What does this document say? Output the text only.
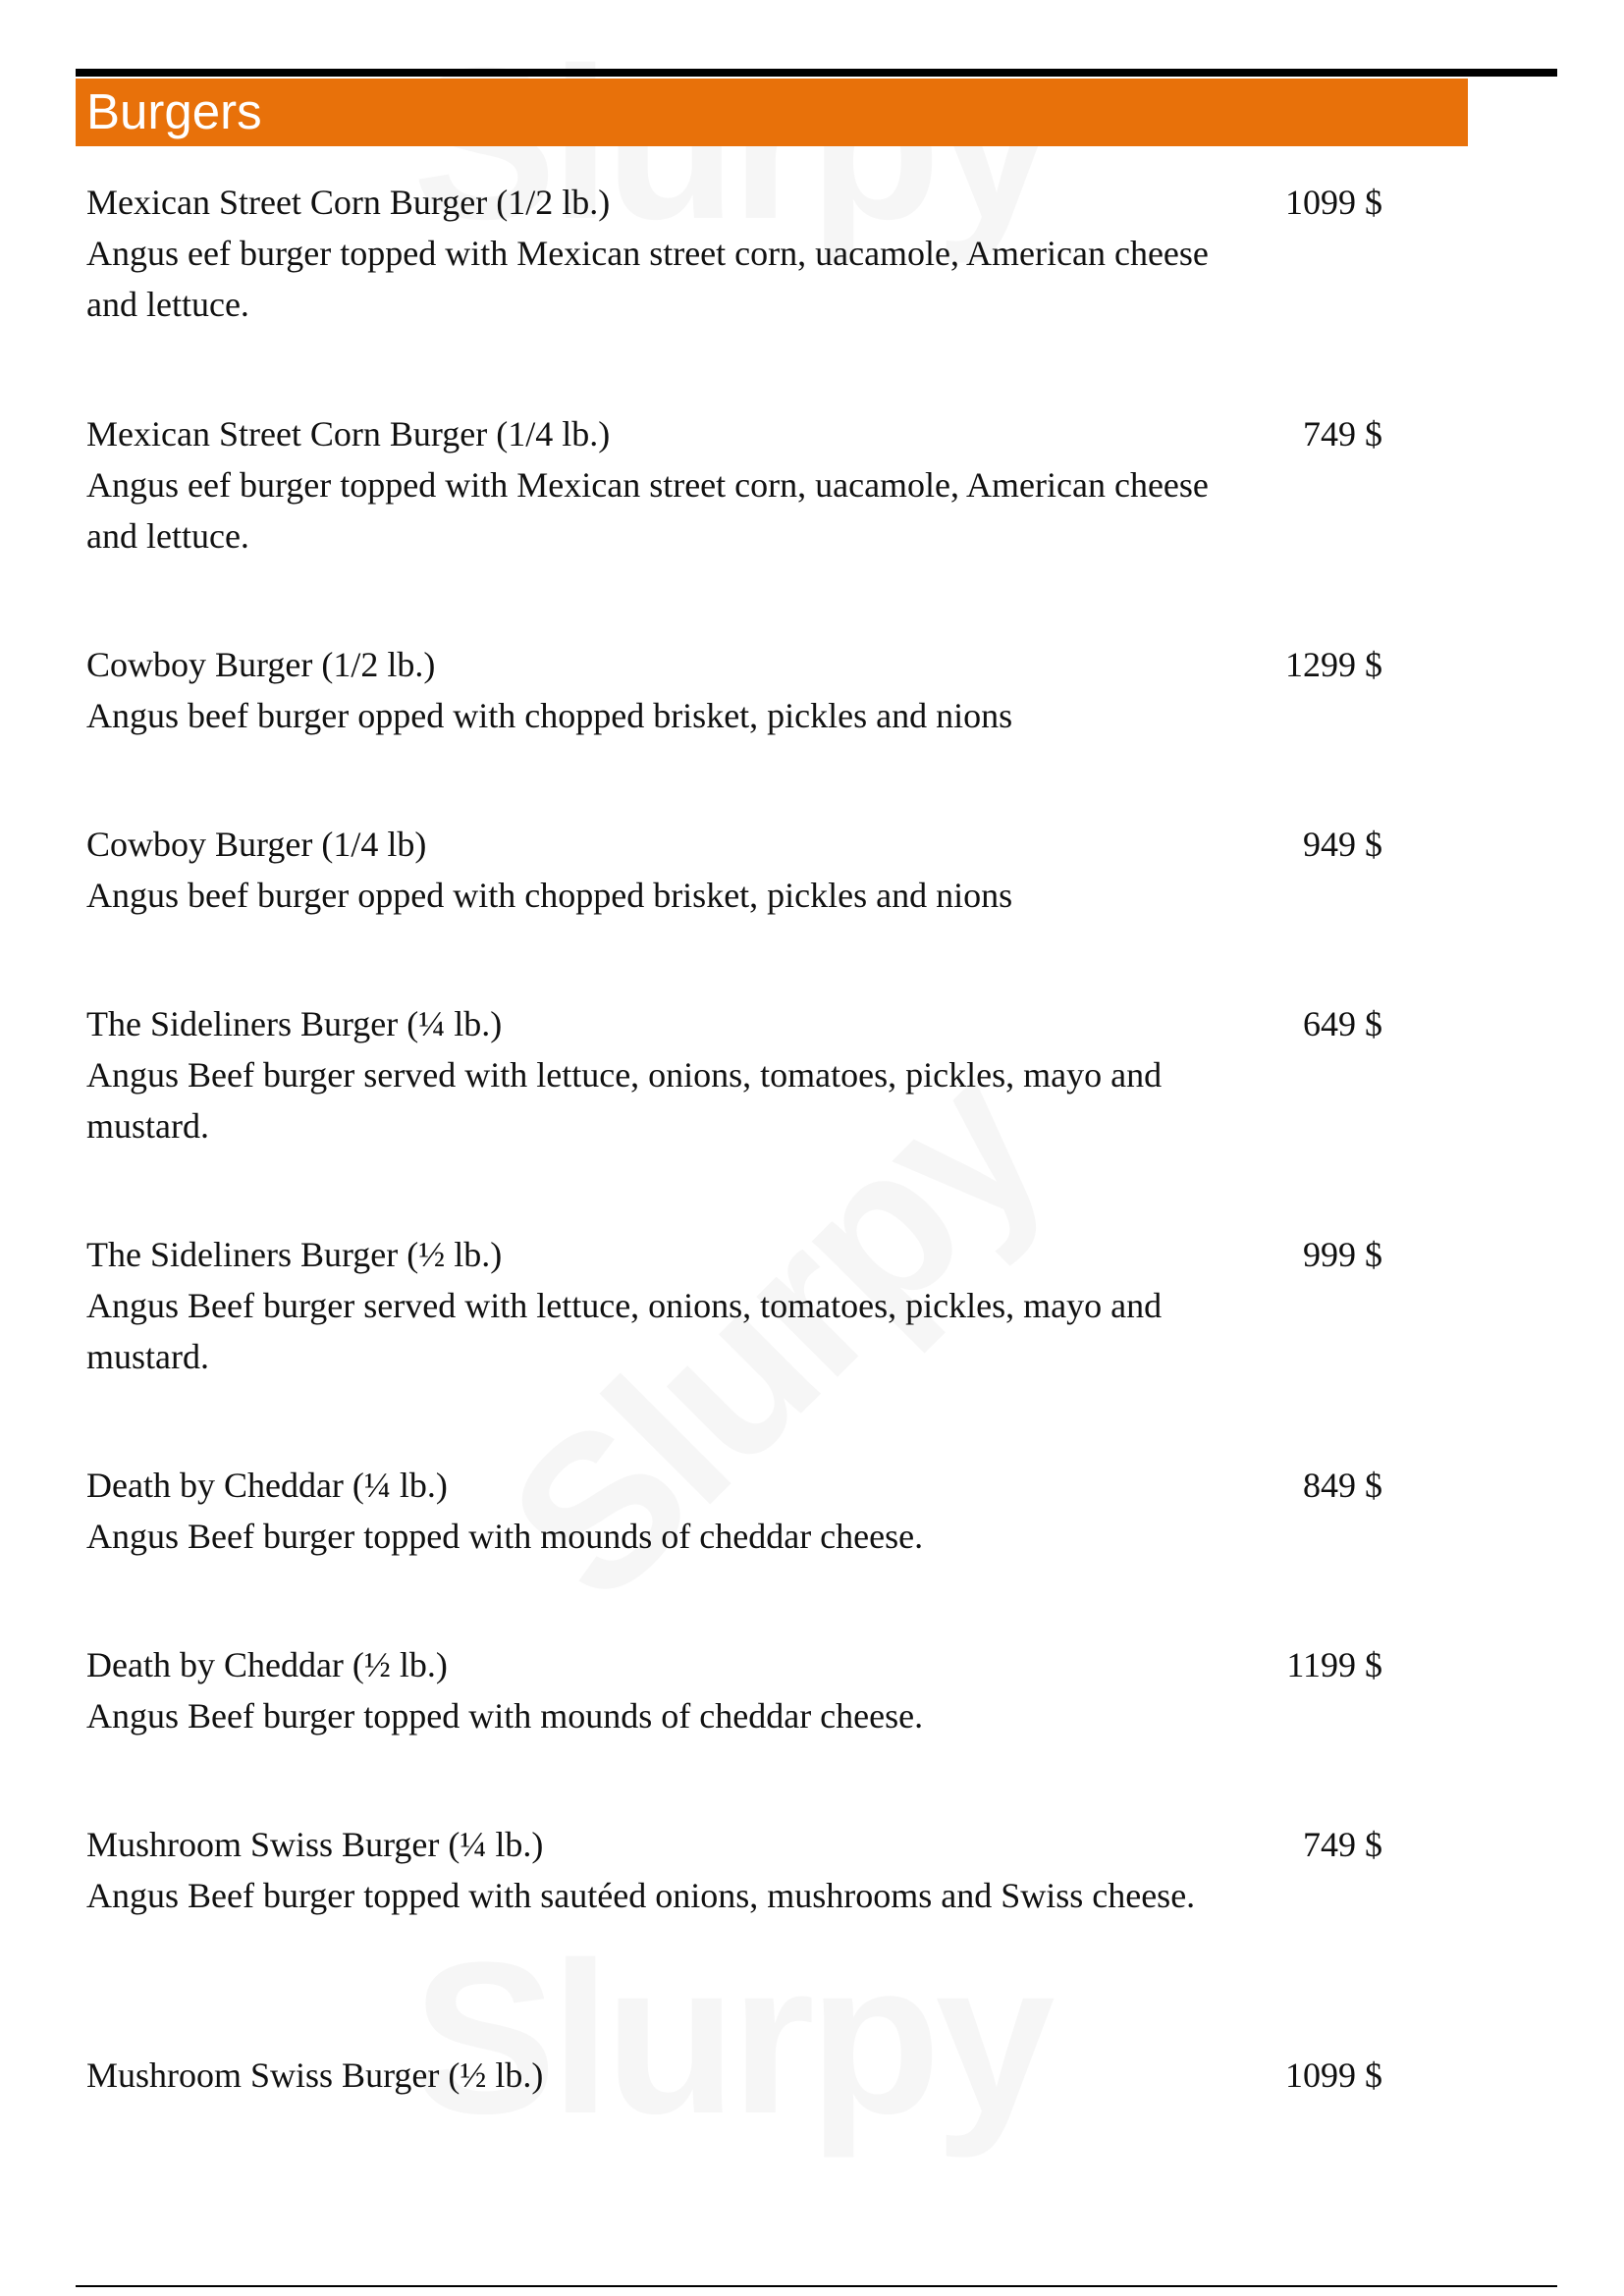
Burgers
Mexican Street Corn Burger (1/2 lb.)	1099 $
Angus eef burger topped with Mexican street corn, uacamole, American cheese and lettuce.
Mexican Street Corn Burger (1/4 lb.)	749 $
Angus eef burger topped with Mexican street corn, uacamole, American cheese and lettuce.
Cowboy Burger (1/2 lb.)	1299 $
Angus beef burger opped with chopped brisket, pickles and nions
Cowboy Burger (1/4 lb)	949 $
Angus beef burger opped with chopped brisket, pickles and nions
The Sideliners Burger (¼ lb.)	649 $
Angus Beef burger served with lettuce, onions, tomatoes, pickles, mayo and mustard.
The Sideliners Burger (½ lb.)	999 $
Angus Beef burger served with lettuce, onions, tomatoes, pickles, mayo and mustard.
Death by Cheddar (¼ lb.)	849 $
Angus Beef burger topped with mounds of cheddar cheese.
Death by Cheddar (½ lb.)	1199 $
Angus Beef burger topped with mounds of cheddar cheese.
Mushroom Swiss Burger (¼ lb.)	749 $
Angus Beef burger topped with sautéed onions, mushrooms and Swiss cheese.
Mushroom Swiss Burger (½ lb.)	1099 $
